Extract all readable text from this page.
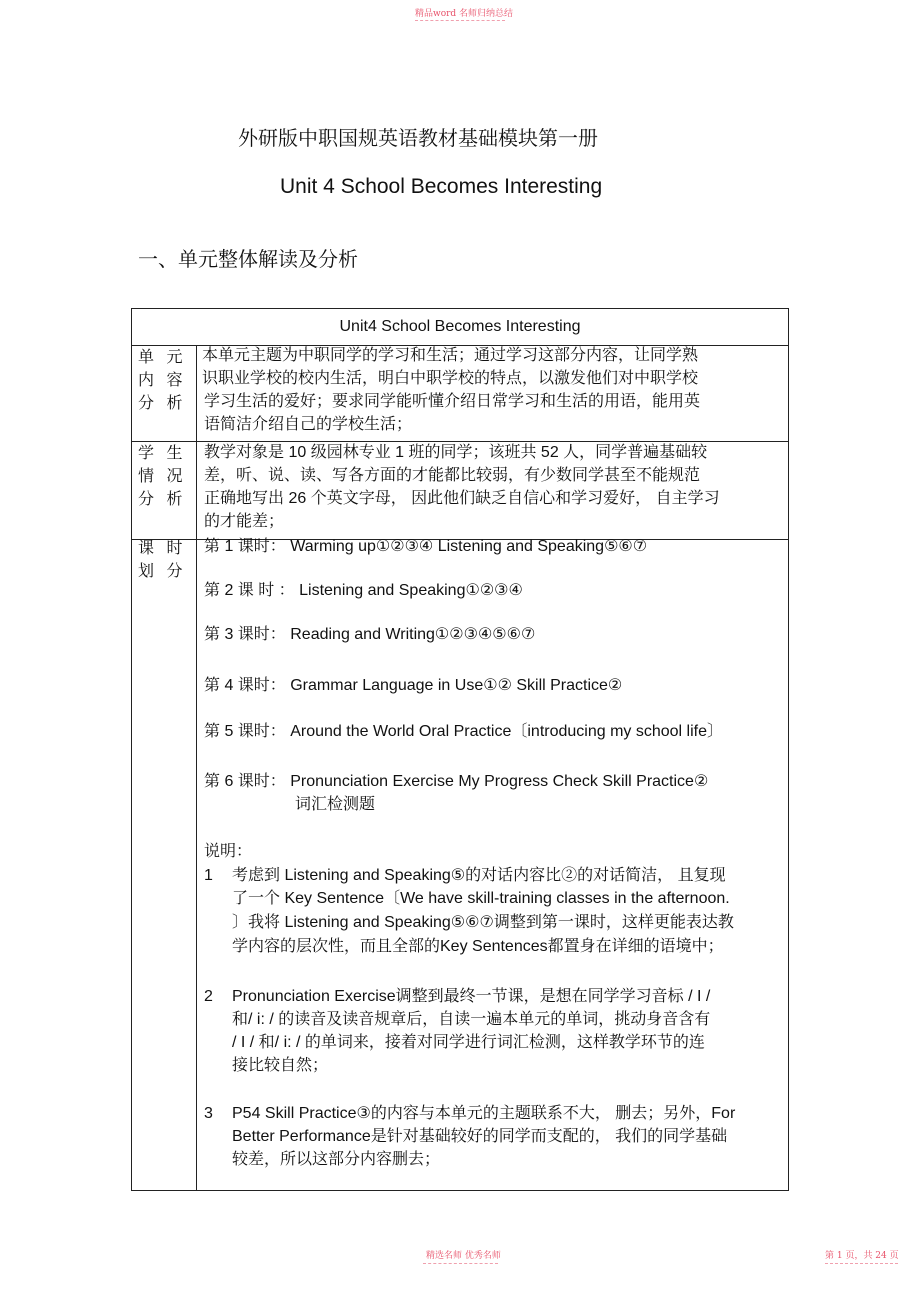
精品word 名师归纳总结
外研版中职国规英语教材基础模块第一册
Unit 4 School Becomes Interesting
一、单元整体解读及分析
Unit4 School Becomes Interesting
单 元
内 容
分 析
本单元主题为中职同学的学习和生活；通过学习这部分内容，让同学熟
识职业学校的校内生活，明白中职学校的特点，以激发他们对中职学校
学习生活的爱好；要求同学能听懂介绍日常学习和生活的用语，能用英
语简洁介绍自己的学校生活；
学 生
情 况
分 析
教学对象是 10 级园林专业 1 班的同学；该班共 52 人，同学普遍基础较
差，听、说、读、写各方面的才能都比较弱，有少数同学甚至不能规范
正确地写出 26 个英文字母， 因此他们缺乏自信心和学习爱好， 自主学习
的才能差；
课 时
划 分
第 1 课时： Warming up①②③④ Listening and Speaking⑤⑥⑦
第 2 课 时 ： Listening and Speaking①②③④
第 3 课时： Reading and Writing①②③④⑤⑥⑦
第 4 课时： Grammar Language in Use①② Skill Practice②
第 5 课时： Around the World Oral Practice〔introducing my school life〕
第 6 课时： Pronunciation Exercise My Progress Check Skill Practice②
词汇检测题
说明：
1 考虑到 Listening and Speaking⑤的对话内容比②的对话简洁， 且复现
了一个 Key Sentence〔We have skill-training classes in the afternoon.
〕我将 Listening and Speaking⑤⑥⑦调整到第一课时，这样更能表达教
学内容的层次性，而且全部的Key Sentences都置身在详细的语境中；
2 Pronunciation Exercise调整到最终一节课，是想在同学学习音标 / I /
和/ i: / 的读音及读音规章后，自读一遍本单元的单词，挑动身音含有
/ I / 和/ i: / 的单词来，接着对同学进行词汇检测，这样教学环节的连
接比较自然；
3 P54 Skill Practice③的内容与本单元的主题联系不大， 删去；另外，For
Better Performance是针对基础较好的同学而支配的， 我们的同学基础
较差，所以这部分内容删去；
精选名师 优秀名师	第 1 页，共 24 页
